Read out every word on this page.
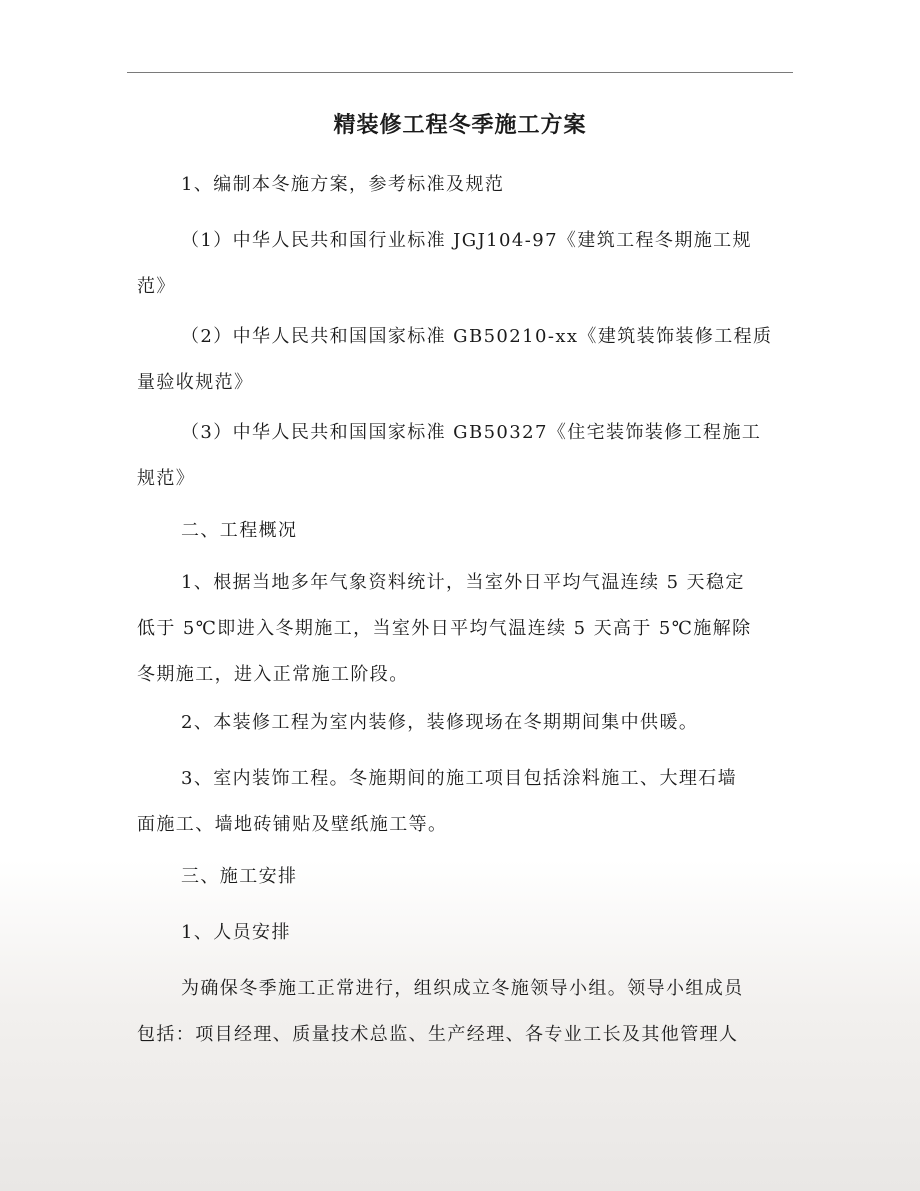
精装修工程冬季施工方案
1、编制本冬施方案，参考标准及规范
（1）中华人民共和国行业标准 JGJ104-97《建筑工程冬期施工规
范》
（2）中华人民共和国国家标准 GB50210-xx《建筑装饰装修工程质
量验收规范》
（3）中华人民共和国国家标准 GB50327《住宅装饰装修工程施工
规范》
二、工程概况
1、根据当地多年气象资料统计，当室外日平均气温连续 5 天稳定
低于 5℃即进入冬期施工，当室外日平均气温连续 5 天高于 5℃施解除
冬期施工，进入正常施工阶段。
2、本装修工程为室内装修，装修现场在冬期期间集中供暖。
3、室内装饰工程。冬施期间的施工项目包括涂料施工、大理石墙
面施工、墙地砖铺贴及壁纸施工等。
三、施工安排
1、人员安排
为确保冬季施工正常进行，组织成立冬施领导小组。领导小组成员
包括：项目经理、质量技术总监、生产经理、各专业工长及其他管理人
